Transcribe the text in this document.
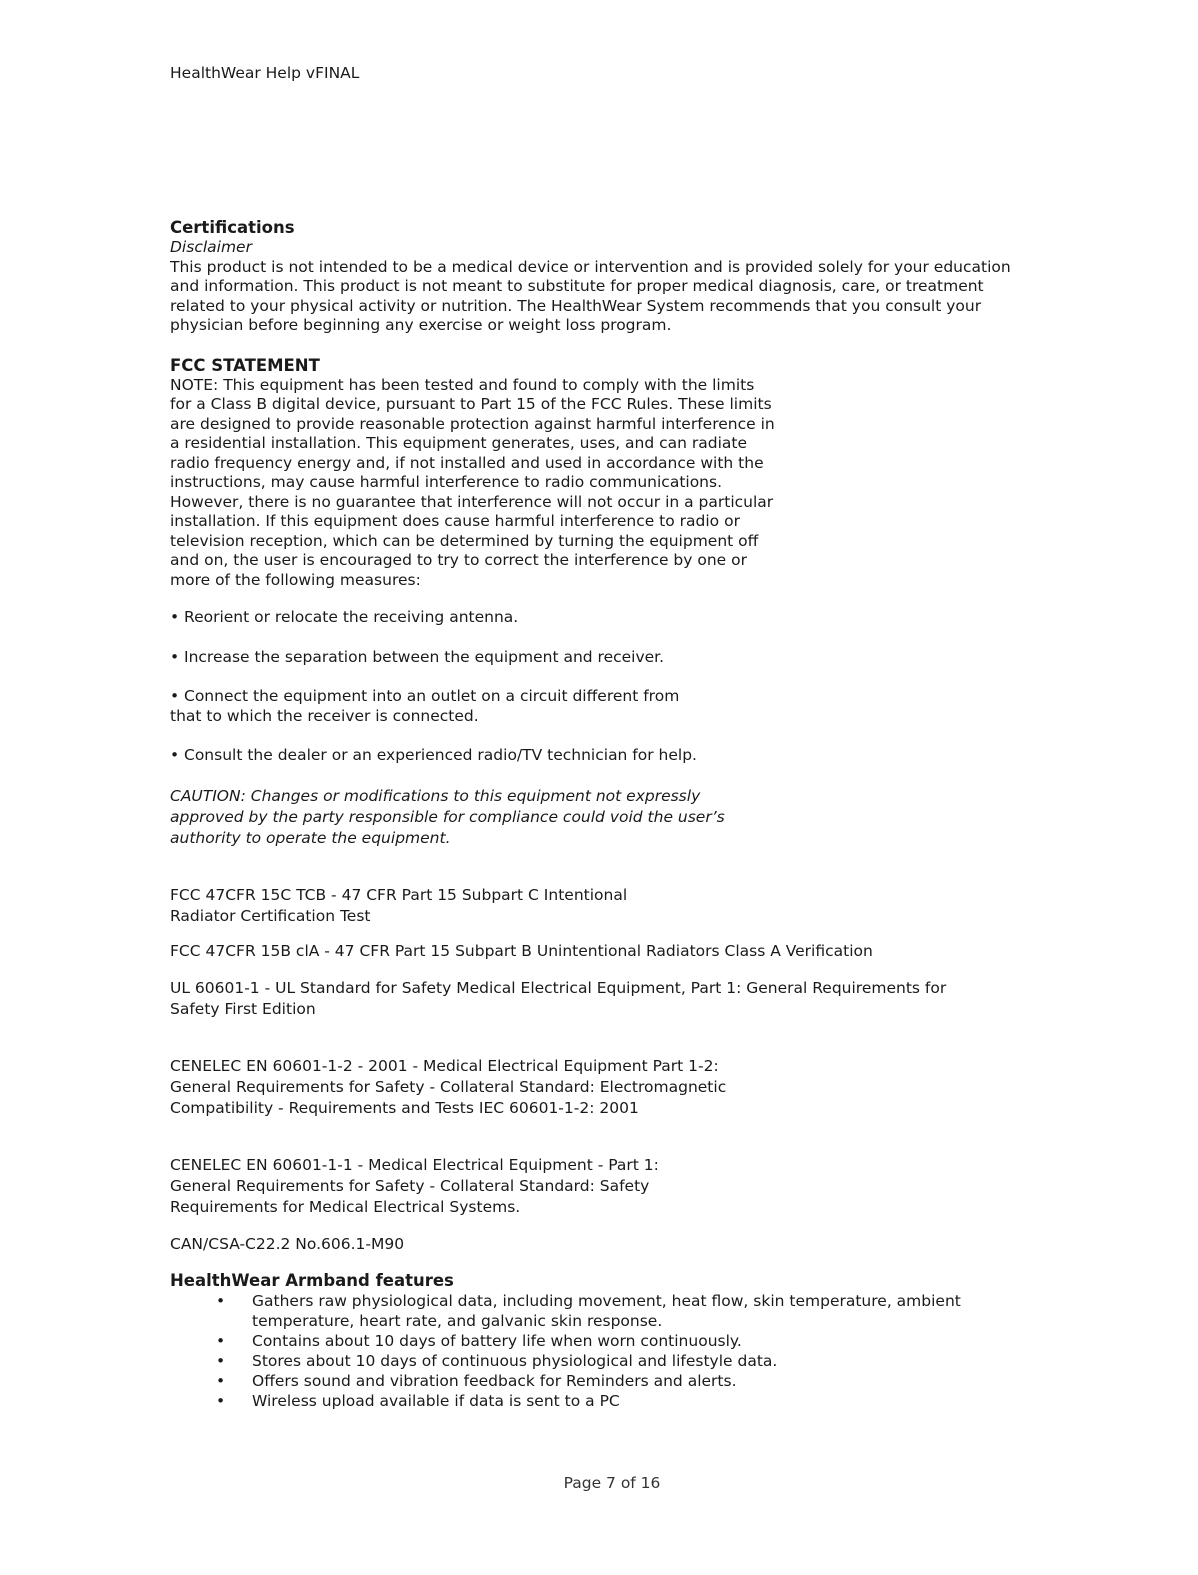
HealthWear Help vFINAL
Certifications
Disclaimer
This product is not intended to be a medical device or intervention and is provided solely for your education and information. This product is not meant to substitute for proper medical diagnosis, care, or treatment related to your physical activity or nutrition. The HealthWear System recommends that you consult your physician before beginning any exercise or weight loss program.
FCC STATEMENT
NOTE: This equipment has been tested and found to comply with the limits for a Class B digital device, pursuant to Part 15 of the FCC Rules. These limits are designed to provide reasonable protection against harmful interference in a residential installation. This equipment generates, uses, and can radiate radio frequency energy and, if not installed and used in accordance with the instructions, may cause harmful interference to radio communications. However, there is no guarantee that interference will not occur in a particular installation. If this equipment does cause harmful interference to radio or television reception, which can be determined by turning the equipment off and on, the user is encouraged to try to correct the interference by one or more of the following measures:
• Reorient or relocate the receiving antenna.
• Increase the separation between the equipment and receiver.
• Connect the equipment into an outlet on a circuit different from that to which the receiver is connected.
• Consult the dealer or an experienced radio/TV technician for help.
CAUTION: Changes or modifications to this equipment not expressly approved by the party responsible for compliance could void the user’s authority to operate the equipment.
FCC 47CFR 15C TCB - 47 CFR Part 15 Subpart C Intentional Radiator Certification Test
FCC 47CFR 15B clA - 47 CFR Part 15 Subpart B Unintentional Radiators Class A Verification
UL 60601-1 - UL Standard for Safety Medical Electrical Equipment, Part 1: General Requirements for Safety First Edition
CENELEC EN 60601-1-2 - 2001 - Medical Electrical Equipment Part 1-2: General Requirements for Safety - Collateral Standard: Electromagnetic Compatibility - Requirements and Tests IEC 60601-1-2: 2001
CENELEC EN 60601-1-1 - Medical Electrical Equipment - Part 1: General Requirements for Safety - Collateral Standard: Safety Requirements for Medical Electrical Systems.
CAN/CSA-C22.2 No.606.1-M90
HealthWear Armband features
• Gathers raw physiological data, including movement, heat flow, skin temperature, ambient temperature, heart rate, and galvanic skin response.
• Contains about 10 days of battery life when worn continuously.
• Stores about 10 days of continuous physiological and lifestyle data.
• Offers sound and vibration feedback for Reminders and alerts.
• Wireless upload available if data is sent to a PC
Page 7 of 16
